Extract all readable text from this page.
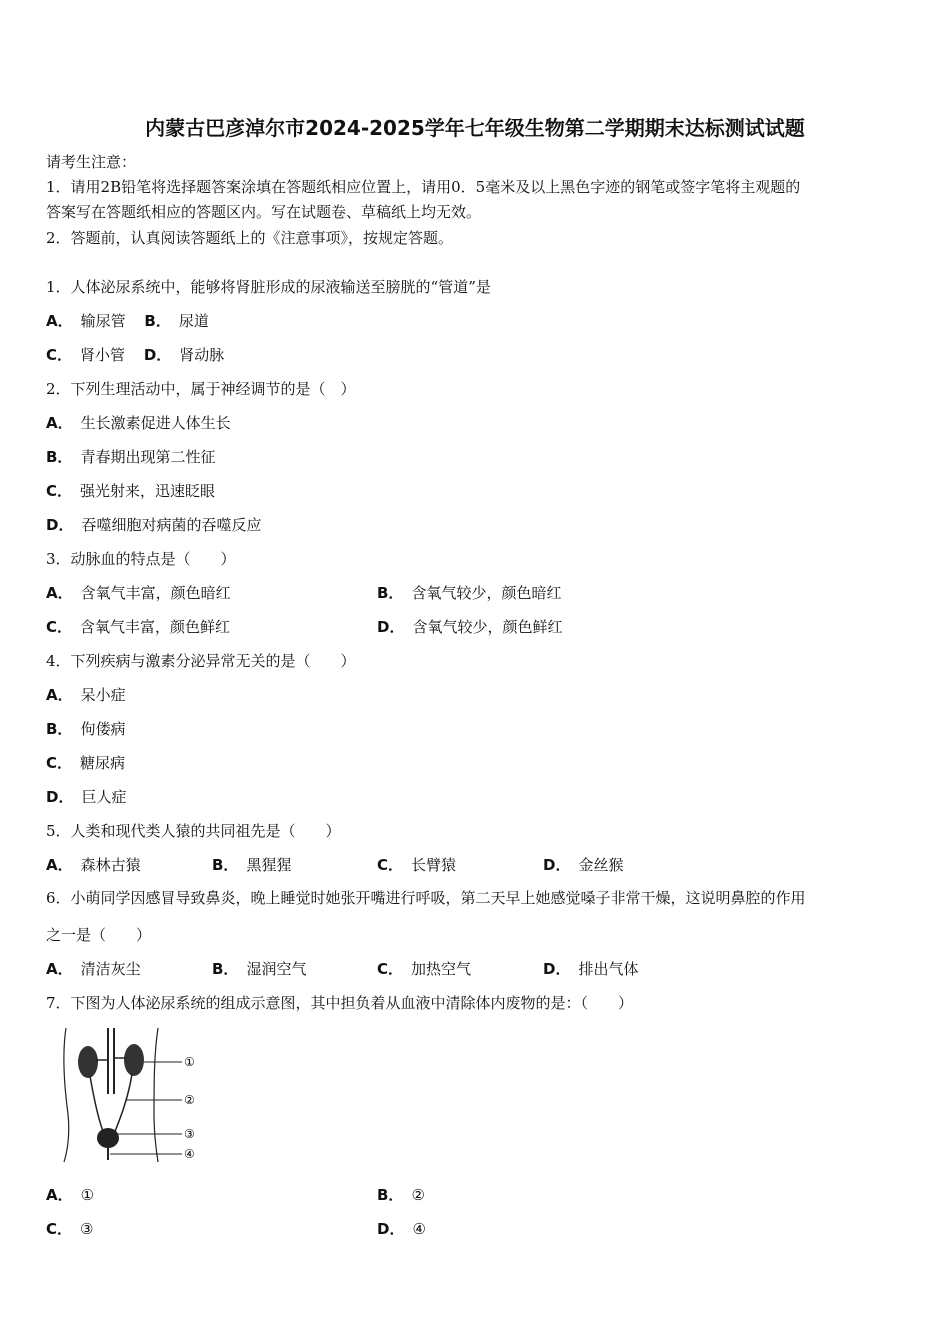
内蒙古巴彦淖尔市2024-2025学年七年级生物第二学期期末达标测试试题
请考生注意：
1．请用2B铅笔将选择题答案涂填在答题纸相应位置上，请用0．5毫米及以上黑色字迹的钢笔或签字笔将主观题的
答案写在答题纸相应的答题区内。写在试题卷、草稿纸上均无效。
2．答题前，认真阅读答题纸上的《注意事项》，按规定答题。
1．人体泌尿系统中，能够将肾脏形成的尿液输送至膀胱的“管道”是
A． 输尿管 B． 尿道
C． 肾小管 D． 肾动脉
2．下列生理活动中，属于神经调节的是（　）
A． 生长激素促进人体生长
B． 青春期出现第二性征
C． 强光射来，迅速眨眼
D． 吞噬细胞对病菌的吞噬反应
3．动脉血的特点是（　　）
A． 含氧气丰富，颜色暗红	B． 含氧气较少，颜色暗红
C． 含氧气丰富，颜色鲜红	D． 含氧气较少，颜色鲜红
4．下列疾病与激素分泌异常无关的是（　　）
A． 呆小症
B． 佝偻病
C． 糖尿病
D． 巨人症
5．人类和现代类人猿的共同祖先是（　　）
A． 森林古猿	B． 黑猩猩	C． 长臂猿	D． 金丝猴
6．小萌同学因感冒导致鼻炎，晚上睡觉时她张开嘴进行呼吸，第二天早上她感觉嗓子非常干燥，这说明鼻腔的作用
之一是（　　）
A． 清洁灰尘	B． 湿润空气	C． 加热空气	D． 排出气体
7．下图为人体泌尿系统的组成示意图，其中担负着从血液中清除体内废物的是：（　　）
①
②
③
④
A． ①	B． ②
C． ③	D． ④
